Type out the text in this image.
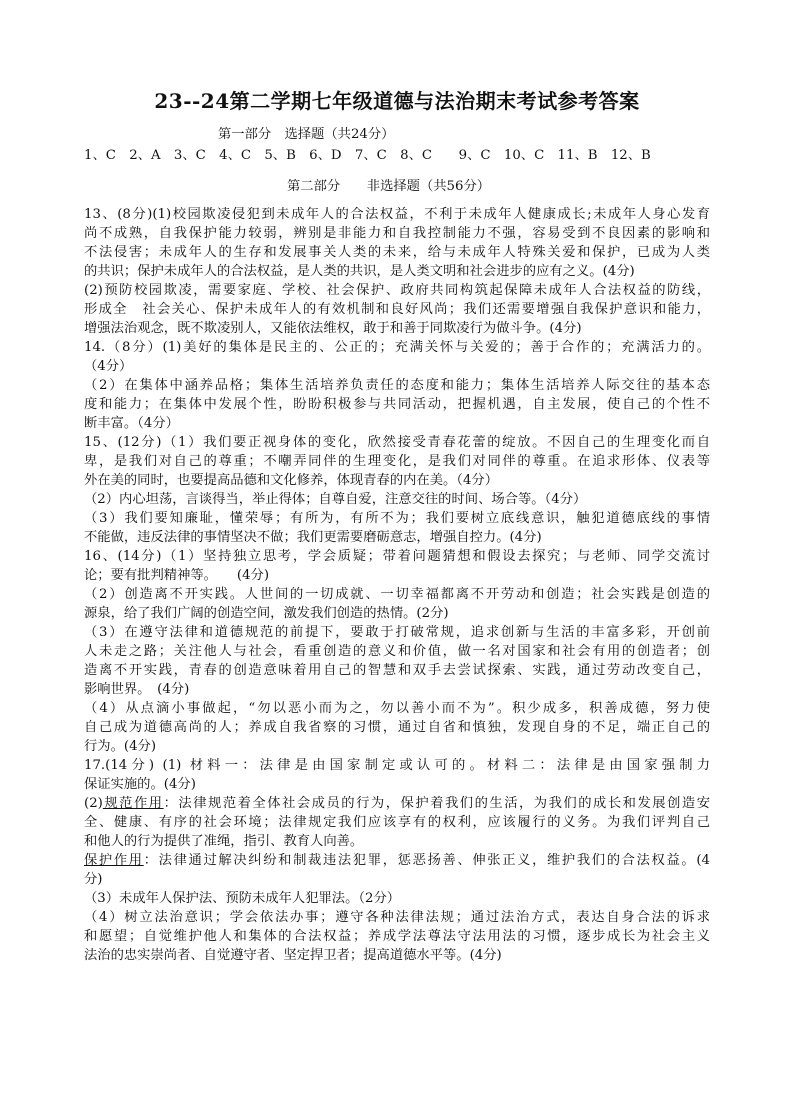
23--24第二学期七年级道德与法治期末考试参考答案
第一部分　选择题（共24分）
1、C　2、A　3、C　4、C　5、B　6、D　7、C　8、C　　9、C　10、C　11、B　12、B
第二部分　　非选择题（共56分）
13、(8分)(1)校园欺凌侵犯到未成年人的合法权益，不利于未成年人健康成长;未成年人身心发育
尚不成熟，自我保护能力较弱，辨别是非能力和自我控制能力不强，容易受到不良因素的影响和
不法侵害；未成年人的生存和发展事关人类的未来，给与未成年人特殊关爱和保护，已成为人类
的共识；保护未成年人的合法权益，是人类的共识，是人类文明和社会进步的应有之义。(4分)
(2)预防校园欺凌，需要家庭、学校、社会保护、政府共同构筑起保障未成年人合法权益的防线，
形成全　社会关心、保护未成年人的有效机制和良好风尚；我们还需要增强自我保护意识和能力，
增强法治观念，既不欺凌别人，又能依法维权，敢于和善于同欺凌行为做斗争。(4分)
14.（8分）(1)美好的集体是民主的、公正的；充满关怀与关爱的；善于合作的；充满活力的。
（4分）
（2）在集体中涵养品格；集体生活培养负责任的态度和能力；集体生活培养人际交往的基本态
度和能力；在集体中发展个性，盼盼积极参与共同活动，把握机遇，自主发展，使自己的个性不
断丰富。（4分）
15、(12分)（1）我们要正视身体的变化，欣然接受青春花蕾的绽放。不因自己的生理变化而自
卑，是我们对自己的尊重；不嘲弄同伴的生理变化，是我们对同伴的尊重。在追求形体、仪表等
外在美的同时，也要提高品德和文化修养，体现青春的内在美。（4分）
（2）内心坦荡，言谈得当，举止得体；自尊自爱，注意交往的时间、场合等。（4分）
（3）我们要知廉耻，懂荣辱；有所为，有所不为；我们要树立底线意识，触犯道德底线的事情
不能做，违反法律的事情坚决不做；我们更需要磨砺意志，增强自控力。(4分)
16、(14分)（1）坚持独立思考，学会质疑；带着问题猜想和假设去探究；与老师、同学交流讨
论；要有批判精神等。　　(4分)
（2）创造离不开实践。人世间的一切成就、一切幸福都离不开劳动和创造；社会实践是创造的
源泉，给了我们广阔的创造空间，激发我们创造的热情。(2分)
（3）在遵守法律和道德规范的前提下，要敢于打破常规，追求创新与生活的丰富多彩，开创前
人未走之路；关注他人与社会，看重创造的意义和价值，做一名对国家和社会有用的创造者；创
造离不开实践，青春的创造意味着用自己的智慧和双手去尝试探索、实践，通过劳动改变自己，
影响世界。　(4分)
（4）从点滴小事做起，“勿以恶小而为之，勿以善小而不为”。积少成多，积善成德，努力使
自己成为道德高尚的人；养成自我省察的习惯，通过自省和慎独，发现自身的不足，端正自己的
行为。(4分)
17.(14分) (1) 材料一：法律是由国家制定或认可的。材料二：法律是由国家强制力
保证实施的。(4分)
(2)规范作用：法律规范着全体社会成员的行为，保护着我们的生活，为我们的成长和发展创造安
全、健康、有序的社会环境；法律规定我们应该享有的权利，应该履行的义务。为我们评判自己
和他人的行为提供了准绳，指引、教育人向善。
保护作用：法律通过解决纠纷和制裁违法犯罪，惩恶扬善、伸张正义，维护我们的合法权益。(4
分)
（3）未成年人保护法、预防未成年人犯罪法。（2分）
（4）树立法治意识；学会依法办事；遵守各种法律法规；通过法治方式，表达自身合法的诉求
和愿望；自觉维护他人和集体的合法权益；养成学法尊法守法用法的习惯，逐步成长为社会主义
法治的忠实崇尚者、自觉遵守者、坚定捍卫者；提高道德水平等。(4分)
